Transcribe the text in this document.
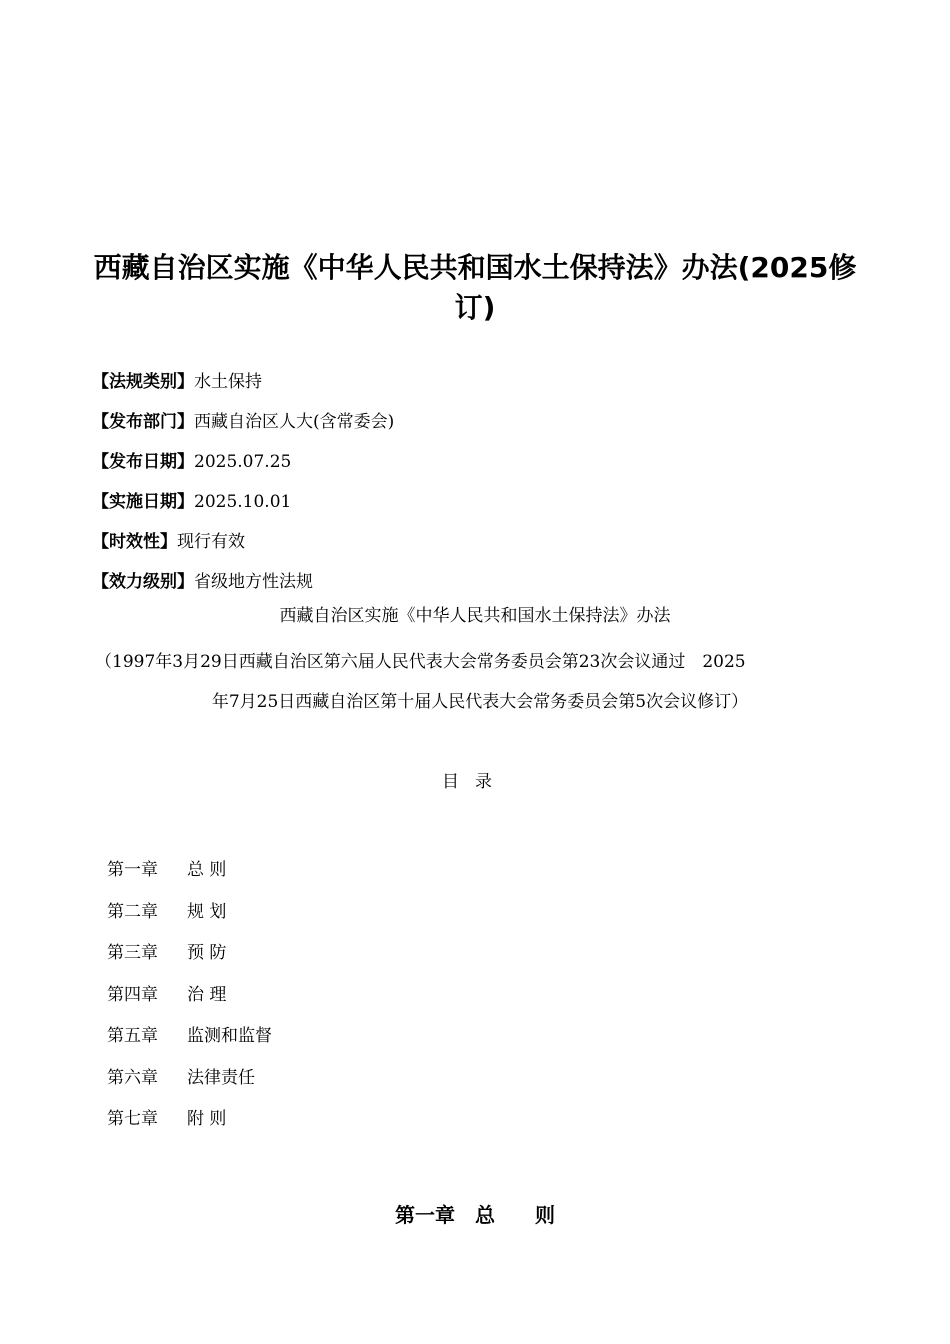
西藏自治区实施《中华人民共和国水土保持法》办法(2025修
订)
【法规类别】水土保持
【发布部门】西藏自治区人大(含常委会)
【发布日期】2025.07.25
【实施日期】2025.10.01
【时效性】现行有效
【效力级别】省级地方性法规
西藏自治区实施《中华人民共和国水土保持法》办法

（1997年3月29日西藏自治区第六届人民代表大会常务委员会第23次会议通过　2025

年7月25日西藏自治区第十届人民代表大会常务委员会第5次会议修订）

目录
第一章 总 则
第二章 规 划
第三章 预 防
第四章 治 理
第五章 监测和监督
第六章 法律责任
第七章 附 则
第一章　总　　则
